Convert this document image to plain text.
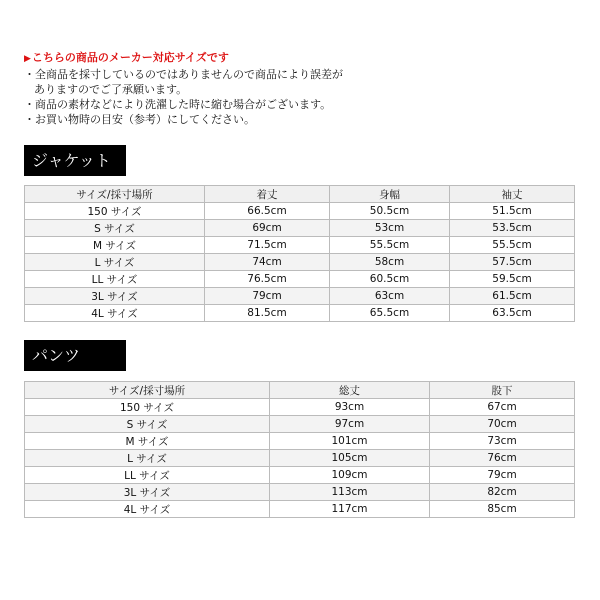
▶こちらの商品のメーカー対応サイズです
・全商品を採寸しているのではありませんので商品により誤差が
ありますのでご了承願います。
・商品の素材などにより洗濯した時に縮む場合がございます。
・お買い物時の目安（参考）にしてください。
ジャケット
サイズ/採寸場所	着丈	身幅	袖丈
150 サイズ	66.5cm	50.5cm	51.5cm
S サイズ	69cm	53cm	53.5cm
M サイズ	71.5cm	55.5cm	55.5cm
L サイズ	74cm	58cm	57.5cm
LL サイズ	76.5cm	60.5cm	59.5cm
3L サイズ	79cm	63cm	61.5cm
4L サイズ	81.5cm	65.5cm	63.5cm
パンツ
サイズ/採寸場所	総丈	股下
150 サイズ	93cm	67cm
S サイズ	97cm	70cm
M サイズ	101cm	73cm
L サイズ	105cm	76cm
LL サイズ	109cm	79cm
3L サイズ	113cm	82cm
4L サイズ	117cm	85cm
